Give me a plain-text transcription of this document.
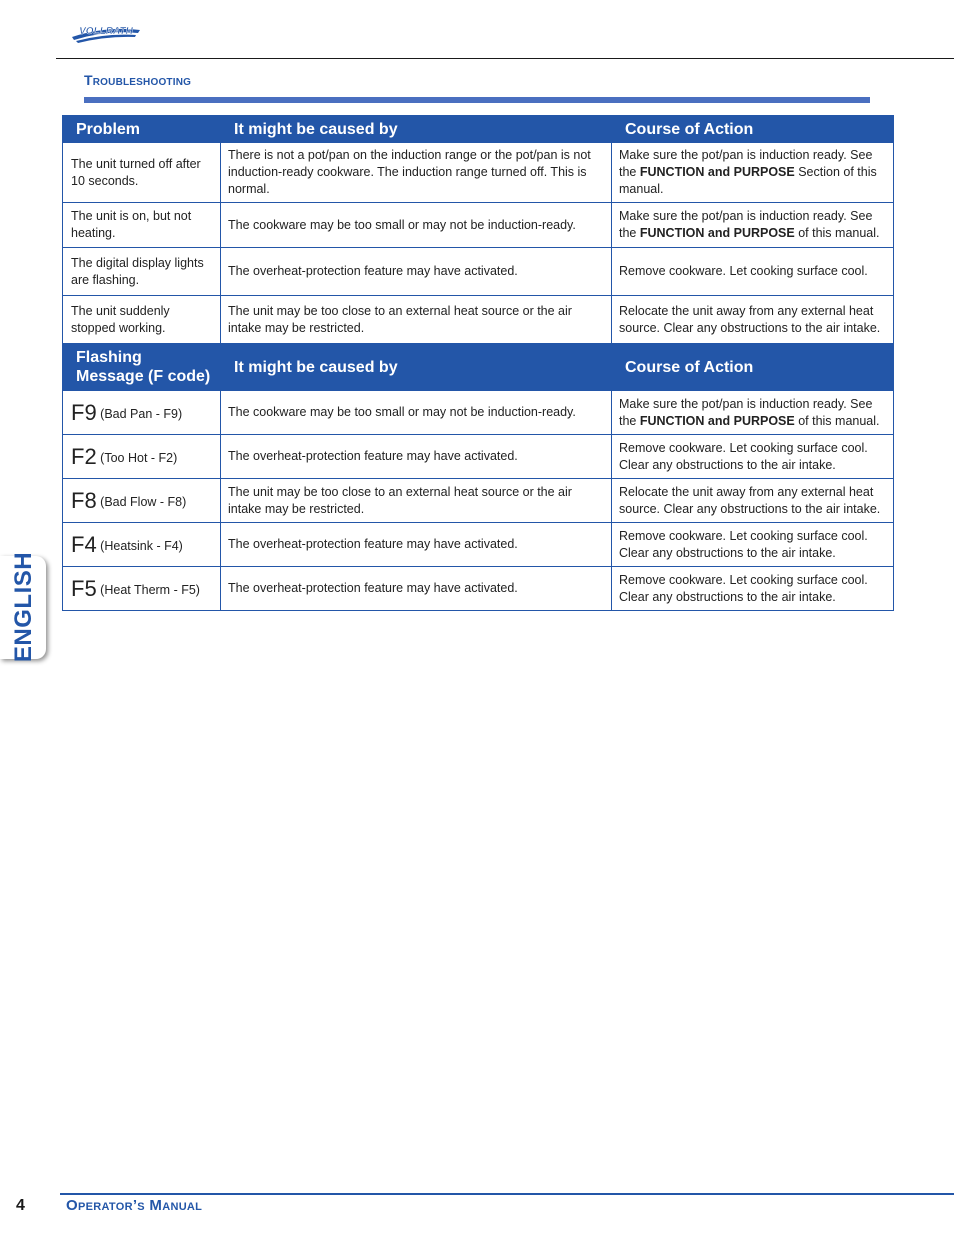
VOLLRATH
Troubleshooting
Problem	It might be caused by	Course of Action
The unit turned off after 10 seconds.	There is not a pot/pan on the induction range or the pot/pan is not induction-ready cookware. The induction range turned off. This is normal.	Make sure the pot/pan is induction ready. See the FUNCTION and PURPOSE Section of this manual.
The unit is on, but not heating.	The cookware may be too small or may not be induction-ready.	Make sure the pot/pan is induction ready. See the FUNCTION and PURPOSE of this manual.
The digital display lights are flashing.	The overheat-protection feature may have activated.	Remove cookware. Let cooking surface cool.
The unit suddenly stopped working.	The unit may be too close to an external heat source or the air intake may be restricted.	Relocate the unit away from any external heat source. Clear any obstructions to the air intake.
Flashing Message (F code)	It might be caused by	Course of Action
F9 (Bad Pan - F9)	The cookware may be too small or may not be induction-ready.	Make sure the pot/pan is induction ready. See the FUNCTION and PURPOSE of this manual.
F2 (Too Hot - F2)	The overheat-protection feature may have activated.	Remove cookware. Let cooking surface cool. Clear any obstructions to the air intake.
F8 (Bad Flow - F8)	The unit may be too close to an external heat source or the air intake may be restricted.	Relocate the unit away from any external heat source. Clear any obstructions to the air intake.
F4 (Heatsink - F4)	The overheat-protection feature may have activated.	Remove cookware. Let cooking surface cool. Clear any obstructions to the air intake.
F5 (Heat Therm - F5)	The overheat-protection feature may have activated.	Remove cookware. Let cooking surface cool. Clear any obstructions to the air intake.
ENGLISH
4	Operator’s Manual
